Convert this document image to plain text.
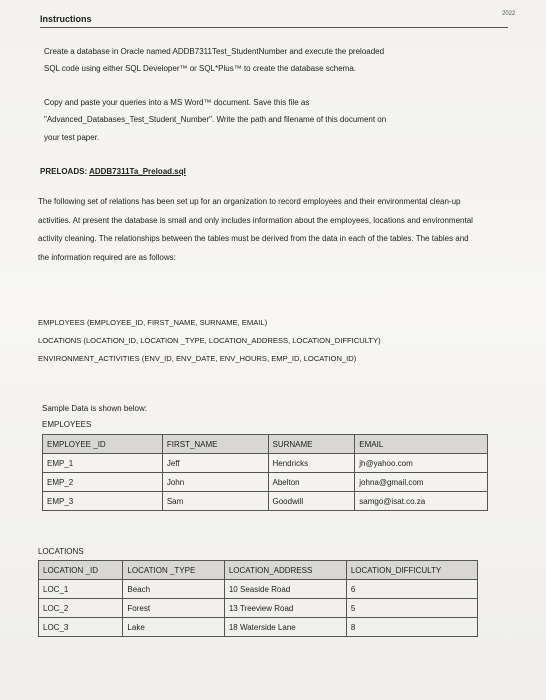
Instructions	2022
Create a database in Oracle named ADDB7311Test_StudentNumber and execute the preloaded
SQL code using either SQL Developer™ or SQL*Plus™ to create the database schema.
Copy and paste your queries into a MS Word™ document. Save this file as
"Advanced_Databases_Test_Student_Number". Write the path and filename of this document on
your test paper.
PRELOADS: ADDB7311Ta_Preload.sql
The following set of relations has been set up for an organization to record employees and their environmental clean-up activities. At present the database is small and only includes information about the employees, locations and environmental activity cleaning. The relationships between the tables must be derived from the data in each of the tables. The tables and the information required are as follows:
EMPLOYEES (EMPLOYEE_ID, FIRST_NAME, SURNAME, EMAIL)
LOCATIONS (LOCATION_ID, LOCATION _TYPE, LOCATION_ADDRESS, LOCATION_DIFFICULTY)
ENVIRONMENT_ACTIVITIES (ENV_ID, ENV_DATE, ENV_HOURS, EMP_ID, LOCATION_ID)
Sample Data is shown below:
EMPLOYEES
EMPLOYEE _ID	FIRST_NAME	SURNAME	EMAIL
EMP_1	Jeff	Hendricks	jh@yahoo.com
EMP_2	John	Abelton	johna@gmail.com
EMP_3	Sam	Goodwill	samgo@isat.co.za
LOCATIONS
LOCATION _ID	LOCATION _TYPE	LOCATION_ADDRESS	LOCATION_DIFFICULTY
LOC_1	Beach	10 Seaside Road	6
LOC_2	Forest	13 Treeview Road	5
LOC_3	Lake	18 Waterside Lane	8
